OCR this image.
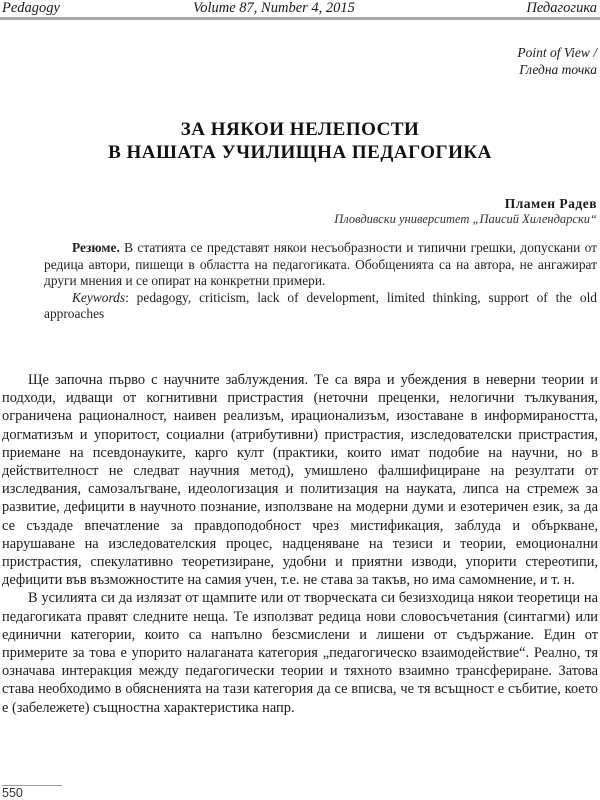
Pedagogy	Volume 87, Number 4, 2015	Педагогика
Point of View /
Гледна точка
ЗА НЯКОИ НЕЛЕПОСТИ
В НАШАТА УЧИЛИЩНА ПЕДАГОГИКА
Пламен Радев
Пловдивски университет „Паисий Хилендарски“

Резюме. В статията се представят някои несъобразности и типични грешки, допускани от редица автори, пишещи в областта на педагогиката. Обобщенията са на автора, не ангажират други мнения и се опират на конкретни примери.

Keywords: pedagogy, criticism, lack of development, limited thinking, support of the old approaches

Ще започна първо с научните заблуждения. Те са вяра и убеждения в неверни теории и подходи, идващи от когнитивни пристрастия (неточни преценки, нелогични тълкувания, ограничена рационалност, наивен реализъм, ирационализъм, изоставане в информираността, догматизъм и упоритост, социални (атрибутивни) пристрастия, изследователски пристрастия, приемане на псевдонауките, карго култ (практики, които имат подобие на научни, но в действителност не следват научния метод), умишлено фалшифициране на резултати от изследвания, самозалъгване, идеологизация и политизация на науката, липса на стремеж за развитие, дефицити в научното познание, използване на модерни думи и езотеричен език, за да се създаде впечатление за правдоподобност чрез мистификация, заблуда и объркване, нарушаване на изследователския процес, надценяване на тезиси и теории, емоционални пристрастия, спекулативно теоретизиране, удобни и приятни изводи, упорити стереотипи, дефицити във възможностите на самия учен, т.е. не става за такъв, но има самомнение, и т. н.

В усилията си да излязат от щампите или от творческата си безизходица някои теоретици на педагогиката правят следните неща. Те използват редица нови словосъчетания (синтагми) или единични категории, които са напълно безсмислени и лишени от съдържание. Един от примерите за това е упорито налаганата категория „педагогическо взаимодействие“. Реално, тя означава интеракция между педагогически теории и тяхното взаимно трансфериране. Затова става необходимо в обясненията на тази категория да се вписва, че тя всъщност е събитие, което е (забележете) същностна характеристика напр.

550
